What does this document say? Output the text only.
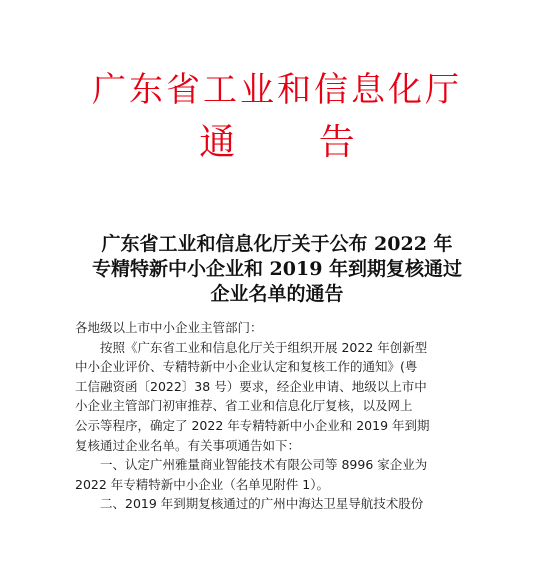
广东省工业和信息化厅
通 告
广东省工业和信息化厅关于公布 2022 年
专精特新中小企业和 2019 年到期复核通过
企业名单的通告
各地级以上市中小企业主管部门：
按照《广东省工业和信息化厅关于组织开展 2022 年创新型
中小企业评价、专精特新中小企业认定和复核工作的通知》(粤
工信融资函〔2022〕38 号）要求，经企业申请、地级以上市中
小企业主管部门初审推荐、省工业和信息化厅复核，以及网上
公示等程序，确定了 2022 年专精特新中小企业和 2019 年到期
复核通过企业名单。有关事项通告如下：
一、认定广州雅量商业智能技术有限公司等 8996 家企业为
2022 年专精特新中小企业（名单见附件 1）。
二、2019 年到期复核通过的广州中海达卫星导航技术股份
